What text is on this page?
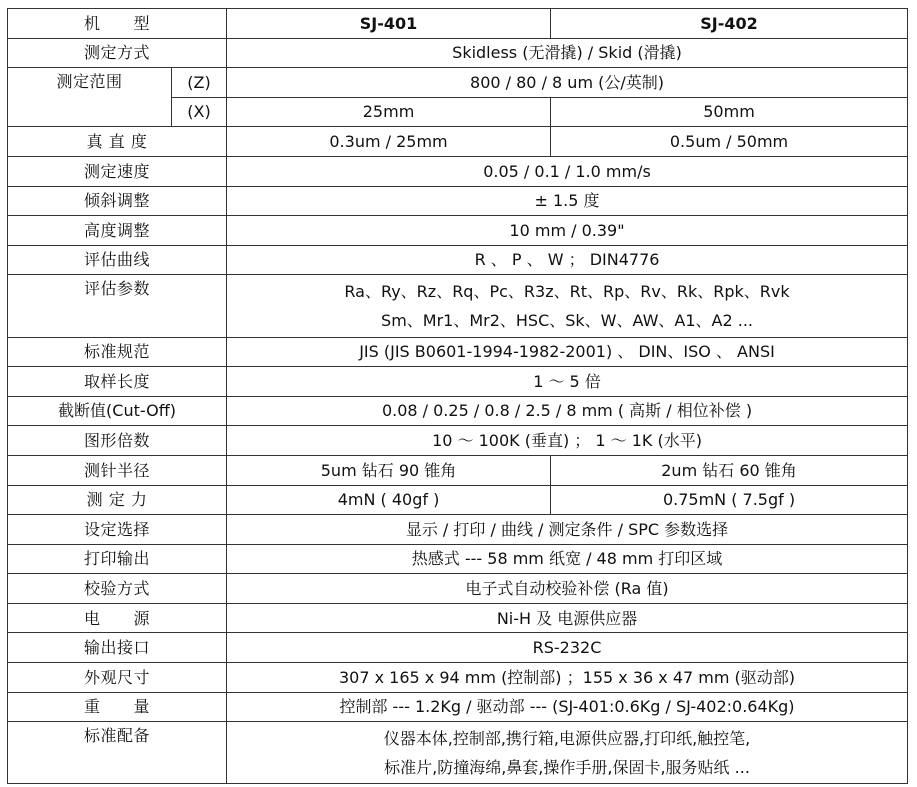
机　　型		SJ-401	SJ-402
测定方式		Skidless (无滑撬) / Skid (滑撬)	
测定范围	(Z)	800 / 80 / 8 um (公/英制)	
	(X)	25mm	50mm
真 直 度		0.3um / 25mm	0.5um / 50mm
测定速度		0.05 / 0.1 / 1.0 mm/s	
倾斜调整		± 1.5 度	
高度调整		10 mm / 0.39"	
评估曲线		R 、 P 、 W ； DIN4776	
评估参数		Ra、Ry、Rz、Rq、Pc、R3z、Rt、Rp、Rv、Rk、Rpk、Rvk
Sm、Mr1、Mr2、HSC、Sk、W、AW、A1、A2 ...	

标准规范		JIS (JIS B0601-1994-1982-2001) 、 DIN、ISO 、 ANSI	
取样长度		1 ～ 5 倍	
截断值(Cut-Off)		0.08 / 0.25 / 0.8 / 2.5 / 8 mm ( 高斯 / 相位补偿 )	
图形倍数		10 ～ 100K (垂直) ； 1 ～ 1K (水平)	
测针半径		5um 钻石 90 锥角	2um 钻石 60 锥角
测 定 力		4mN ( 40gf )	0.75mN ( 7.5gf )
设定选择		显示 / 打印 / 曲线 / 测定条件 / SPC 参数选择	
打印输出		热感式 --- 58 mm 纸宽 / 48 mm 打印区域	
校验方式		电子式自动校验补偿 (Ra 值)	
电　　源		Ni-H 及 电源供应器	
输出接口		RS-232C	
外观尺寸		307 x 165 x 94 mm (控制部) ；155 x 36 x 47 mm (驱动部)	
重　　量		控制部 --- 1.2Kg / 驱动部 --- (SJ-401:0.6Kg / SJ-402:0.64Kg)	
标准配备		仪器本体,控制部,携行箱,电源供应器,打印纸,触控笔,
标准片,防撞海绵,鼻套,操作手册,保固卡,服务贴纸 ...	
